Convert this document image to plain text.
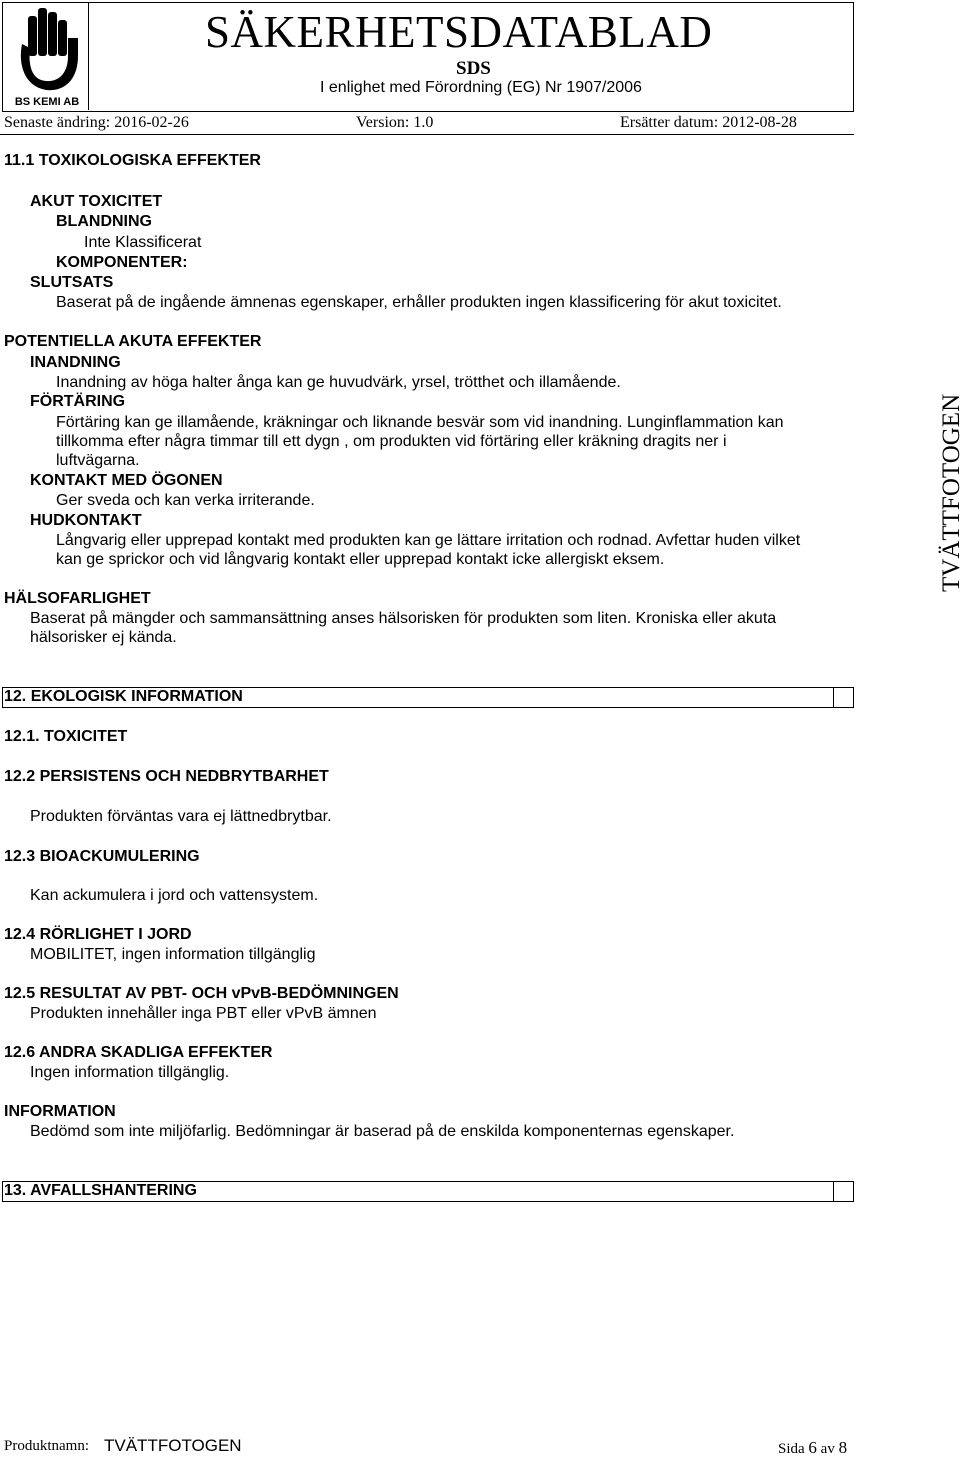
BS KEMI AB
SÄKERHETSDATABLAD
SDS
I enlighet med Förordning (EG) Nr 1907/2006
Senaste ändring: 2016-02-26	Version: 1.0	Ersätter datum: 2012-08-28
11.1 TOXIKOLOGISKA EFFEKTER
AKUT TOXICITET
BLANDNING
Inte Klassificerat
KOMPONENTER:
SLUTSATS
Baserat på de ingående ämnenas egenskaper, erhåller produkten ingen klassificering för akut toxicitet.
POTENTIELLA AKUTA EFFEKTER
INANDNING
Inandning av höga halter ånga kan ge huvudvärk, yrsel, trötthet och illamående.
FÖRTÄRING
Förtäring kan ge illamående, kräkningar och liknande besvär som vid inandning. Lunginflammation kan
tillkomma efter några timmar till ett dygn , om produkten vid förtäring eller kräkning dragits ner i
luftvägarna.
KONTAKT MED ÖGONEN
Ger sveda och kan verka irriterande.
HUDKONTAKT
Långvarig eller upprepad kontakt med produkten kan ge lättare irritation och rodnad. Avfettar huden vilket
kan ge sprickor och vid långvarig kontakt eller upprepad kontakt icke allergiskt eksem.
HÄLSOFARLIGHET
Baserat på mängder och sammansättning anses hälsorisken för produkten som liten. Kroniska eller akuta
hälsorisker ej kända.
TVÄTTFOTOGEN
12. EKOLOGISK INFORMATION
12.1. TOXICITET
12.2 PERSISTENS OCH NEDBRYTBARHET
Produkten förväntas vara ej lättnedbrytbar.
12.3 BIOACKUMULERING
Kan ackumulera i jord och vattensystem.
12.4 RÖRLIGHET I JORD
MOBILITET, ingen information tillgänglig
12.5 RESULTAT AV PBT- OCH vPvB-BEDÖMNINGEN
Produkten innehåller inga PBT eller vPvB ämnen
12.6 ANDRA SKADLIGA EFFEKTER
Ingen information tillgänglig.
INFORMATION
Bedömd som inte miljöfarlig. Bedömningar är baserad på de enskilda komponenternas egenskaper.
13. AVFALLSHANTERING
Produktnamn: TVÄTTFOTOGEN	Sida 6 av 8
